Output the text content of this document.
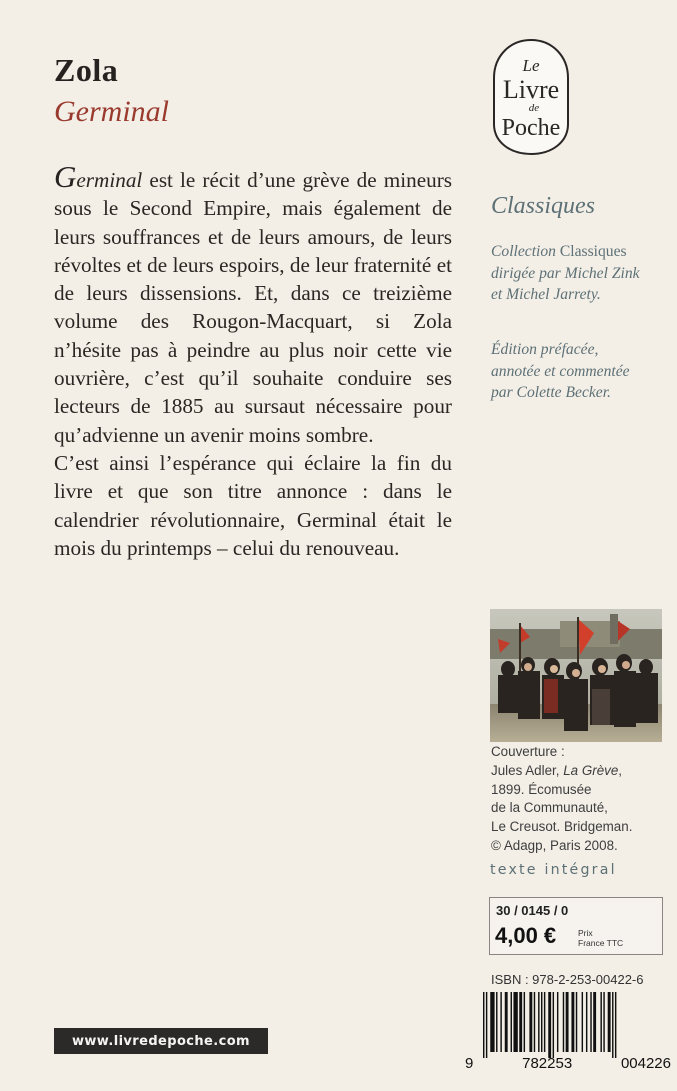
Zola
Germinal

Germinal est le récit d’une grève de mineurs sous le Second Empire, mais également de leurs souffrances et de leurs amours, de leurs révoltes et de leurs espoirs, de leur fraternité et de leurs dissensions. Et, dans ce treizième volume des Rougon-Macquart, si Zola n’hésite pas à peindre au plus noir cette vie ouvrière, c’est qu’il souhaite conduire ses lecteurs de 1885 au sursaut nécessaire pour qu’advienne un avenir moins sombre.

C’est ainsi l’espérance qui éclaire la fin du livre et que son titre annonce : dans le calendrier révolutionnaire, Germinal était le mois du printemps – celui du renouveau.

www.livredepoche.com
Le
Livre
de
Poche
Classiques
Collection Classiques
dirigée par Michel Zink
et Michel Jarrety.
Édition préfacée,
annotée et commentée
par Colette Becker.
Couverture :
Jules Adler, La Grève,
1899. Écomusée
de la Communauté,
Le Creusot. Bridgeman.
© Adagp, Paris 2008.
texte intégral
30 / 0145 / 0
4,00 €	Prix
France TTC
ISBN : 978-2-253-00422-6
9	782253	004226
